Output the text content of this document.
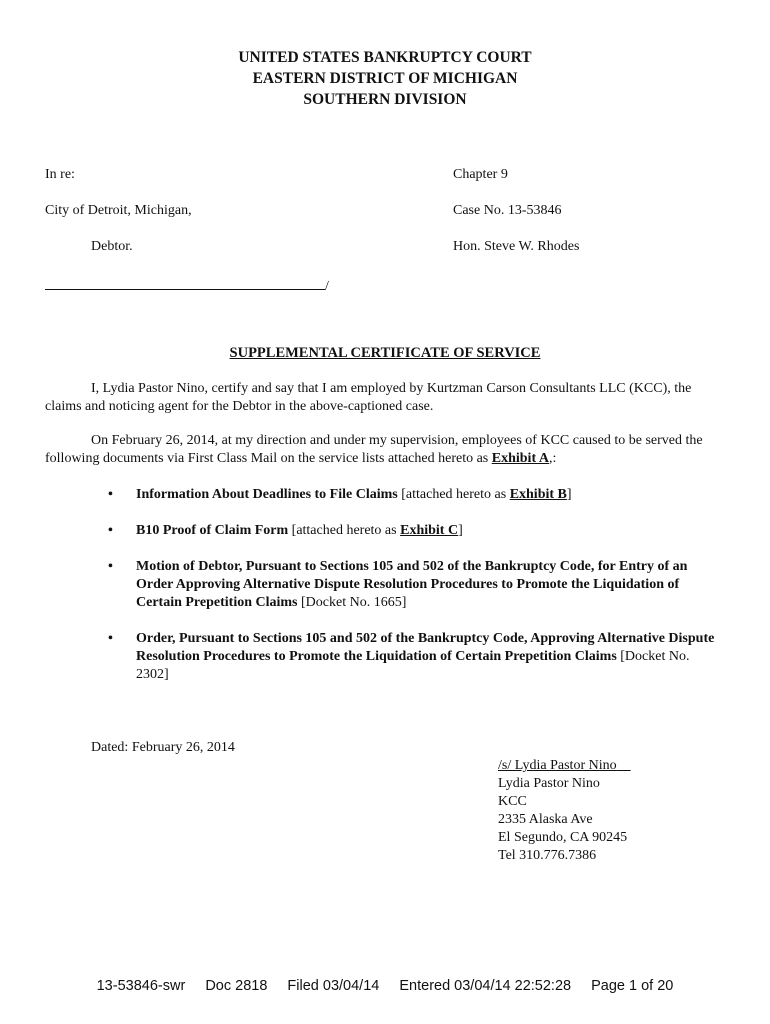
UNITED STATES BANKRUPTCY COURT
EASTERN DISTRICT OF MICHIGAN
SOUTHERN DIVISION
In re:
City of Detroit, Michigan,
Debtor.
Chapter 9
Case No. 13-53846
Hon. Steve W. Rhodes
/
SUPPLEMENTAL CERTIFICATE OF SERVICE
I, Lydia Pastor Nino, certify and say that I am employed by Kurtzman Carson Consultants LLC (KCC), the claims and noticing agent for the Debtor in the above-captioned case.
On February 26, 2014, at my direction and under my supervision, employees of KCC caused to be served the following documents via First Class Mail on the service lists attached hereto as Exhibit A,:
• Information About Deadlines to File Claims [attached hereto as Exhibit B]
• B10 Proof of Claim Form [attached hereto as Exhibit C]
• Motion of Debtor, Pursuant to Sections 105 and 502 of the Bankruptcy Code, for Entry of an Order Approving Alternative Dispute Resolution Procedures to Promote the Liquidation of Certain Prepetition Claims [Docket No. 1665]
• Order, Pursuant to Sections 105 and 502 of the Bankruptcy Code, Approving Alternative Dispute Resolution Procedures to Promote the Liquidation of Certain Prepetition Claims [Docket No. 2302]
Dated: February 26, 2014
/s/ Lydia Pastor Nino
Lydia Pastor Nino
KCC
2335 Alaska Ave
El Segundo, CA 90245
Tel 310.776.7386
13-53846-swr Doc 2818 Filed 03/04/14 Entered 03/04/14 22:52:28 Page 1 of 20
